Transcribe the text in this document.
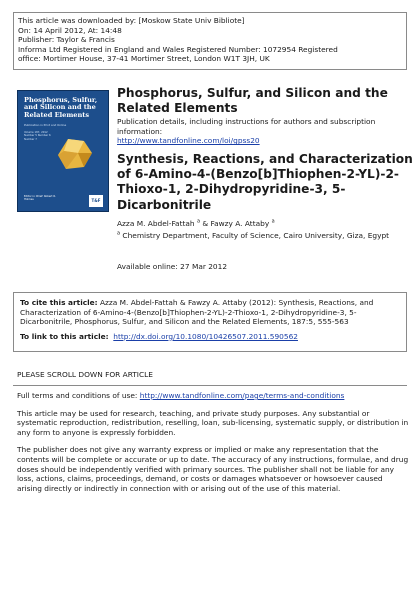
This article was downloaded by: [Moskow State Univ Bibliote]
On: 14 April 2012, At: 14:48
Publisher: Taylor & Francis
Informa Ltd Registered in England and Wales Registered Number: 1072954 Registered
office: Mortimer House, 37-41 Mortimer Street, London W1T 3JH, UK
Phosphorus, Sulfur, and Silicon and the Related Elements
Publication in Print and Online
Volume 187, 2012 Number 5 Number 6 Number 7
Editor in Chief: Robert R. Holmes	T&F
Phosphorus, Sulfur, and Silicon and the Related Elements
Publication details, including instructions for authors and subscription information:
http://www.tandfonline.com/loi/gpss20
Synthesis, Reactions, and Characterization of 6-Amino-4-(Benzo[b]Thiophen-2-YL)-2-Thioxo-1, 2-Dihydropyridine-3, 5-Dicarbonitrile
Azza M. Abdel-Fattah $^a$ & Fawzy A. Attaby $^a$
$^a$ Chemistry Department, Faculty of Science, Cairo University, Giza, Egypt
Available online: 27 Mar 2012
To cite this article: Azza M. Abdel-Fattah & Fawzy A. Attaby (2012): Synthesis, Reactions, and Characterization of 6-Amino-4-(Benzo[b]Thiophen-2-YL)-2-Thioxo-1, 2-Dihydropyridine-3, 5-Dicarbonitrile, Phosphorus, Sulfur, and Silicon and the Related Elements, 187:5, 555-563
To link to this article: http://dx.doi.org/10.1080/10426507.2011.590562
PLEASE SCROLL DOWN FOR ARTICLE

Full terms and conditions of use: http://www.tandfonline.com/page/terms-and-conditions

This article may be used for research, teaching, and private study purposes. Any substantial or systematic reproduction, redistribution, reselling, loan, sub-licensing, systematic supply, or distribution in any form to anyone is expressly forbidden.

The publisher does not give any warranty express or implied or make any representation that the contents will be complete or accurate or up to date. The accuracy of any instructions, formulae, and drug doses should be independently verified with primary sources. The publisher shall not be liable for any loss, actions, claims, proceedings, demand, or costs or damages whatsoever or howsoever caused arising directly or indirectly in connection with or arising out of the use of this material.
